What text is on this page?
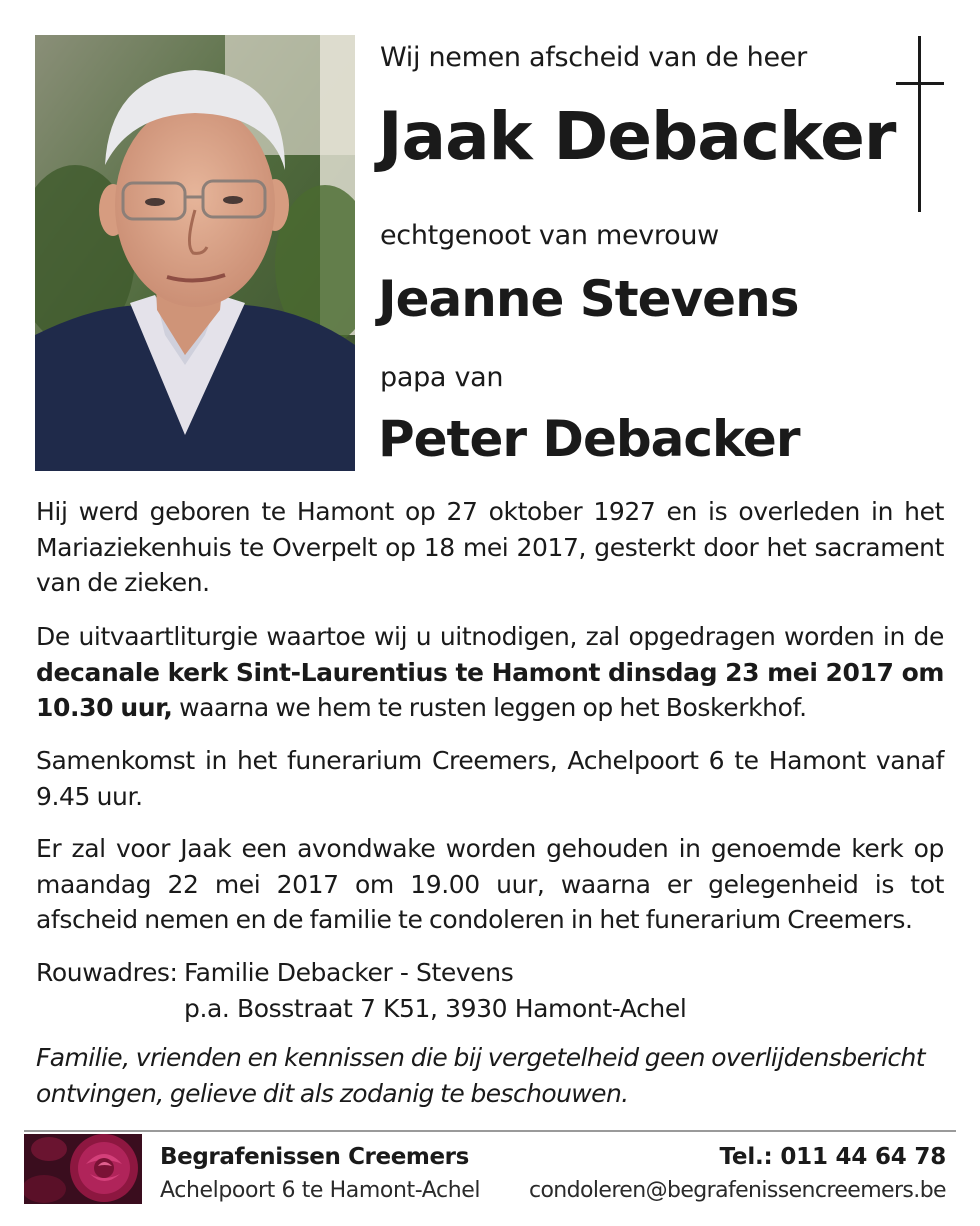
Wij nemen afscheid van de heer
Jaak Debacker
echtgenoot van mevrouw
Jeanne Stevens
papa van
Peter Debacker

Hij werd geboren te Hamont op 27 oktober 1927 en is overleden in het Mariaziekenhuis te Overpelt op 18 mei 2017, gesterkt door het sacrament van de zieken.

De uitvaartliturgie waartoe wij u uitnodigen, zal opgedragen worden in de decanale kerk Sint-Laurentius te Hamont dinsdag 23 mei 2017 om 10.30 uur, waarna we hem te rusten leggen op het Boskerkhof.

Samenkomst in het funerarium Creemers, Achelpoort 6 te Hamont vanaf 9.45 uur.

Er zal voor Jaak een avondwake worden gehouden in genoemde kerk op maandag 22 mei 2017 om 19.00 uur, waarna er gelegenheid is tot afscheid nemen en de familie te condoleren in het funerarium Creemers.

Rouwadres: Familie Debacker - Stevens
p.a. Bosstraat 7 K51, 3930 Hamont-Achel
Familie, vrienden en kennissen die bij vergetelheid geen overlijdensbericht ontvingen, gelieve dit als zodanig te beschouwen.
Begrafenissen Creemers
Achelpoort 6 te Hamont-Achel
Tel.: 011 44 64 78
condoleren@begrafenissencreemers.be
